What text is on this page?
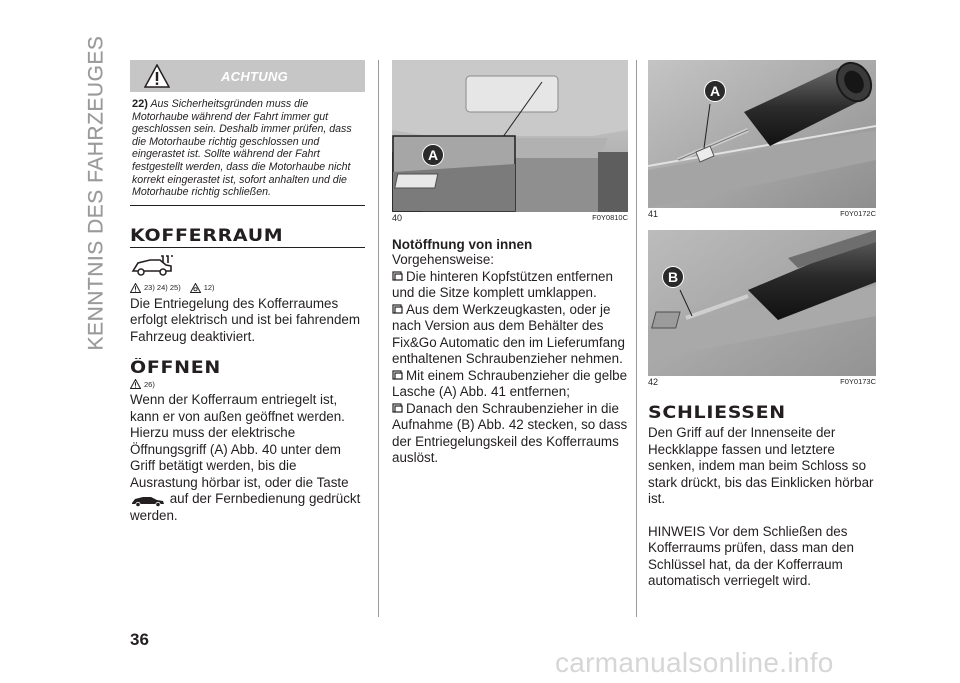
KENNTNIS DES FAHRZEUGES
36
ACHTUNG
22) Aus Sicherheitsgründen muss die Motorhaube während der Fahrt immer gut geschlossen sein. Deshalb immer prüfen, dass die Motorhaube richtig geschlossen und eingerastet ist. Sollte während der Fahrt festgestellt werden, dass die Motorhaube nicht korrekt eingerastet ist, sofort anhalten und die Motorhaube richtig schließen.
KOFFERRAUM
23) 24) 25)	12)
Die Entriegelung des Kofferraumes erfolgt elektrisch und ist bei fahrendem Fahrzeug deaktiviert.
ÖFFNEN
26)
Wenn der Kofferraum entriegelt ist, kann er von außen geöffnet werden. Hierzu muss der elektrische Öffnungsgriff (A) Abb. 40 unter dem Griff betätigt werden, bis die Ausrastung hörbar ist, oder die Taste  auf der Fernbedienung gedrückt werden.
A
40	F0Y0810C
Notöffnung von innen
Vorgehensweise:
Die hinteren Kopfstützen entfernen und die Sitze komplett umklappen.
Aus dem Werkzeugkasten, oder je nach Version aus dem Behälter des Fix&Go Automatic den im Lieferumfang enthaltenen Schraubenzieher nehmen.
Mit einem Schraubenzieher die gelbe Lasche (A) Abb. 41 entfernen;
Danach den Schraubenzieher in die Aufnahme (B) Abb. 42 stecken, so dass der Entriegelungskeil des Kofferraums auslöst.
A
41	F0Y0172C
B
42	F0Y0173C
SCHLIESSEN
Den Griff auf der Innenseite der Heckklappe fassen und letztere senken, indem man beim Schloss so stark drückt, bis das Einklicken hörbar ist.
HINWEIS Vor dem Schließen des Kofferraums prüfen, dass man den Schlüssel hat, da der Kofferraum automatisch verriegelt wird.
carmanualsonline.info
